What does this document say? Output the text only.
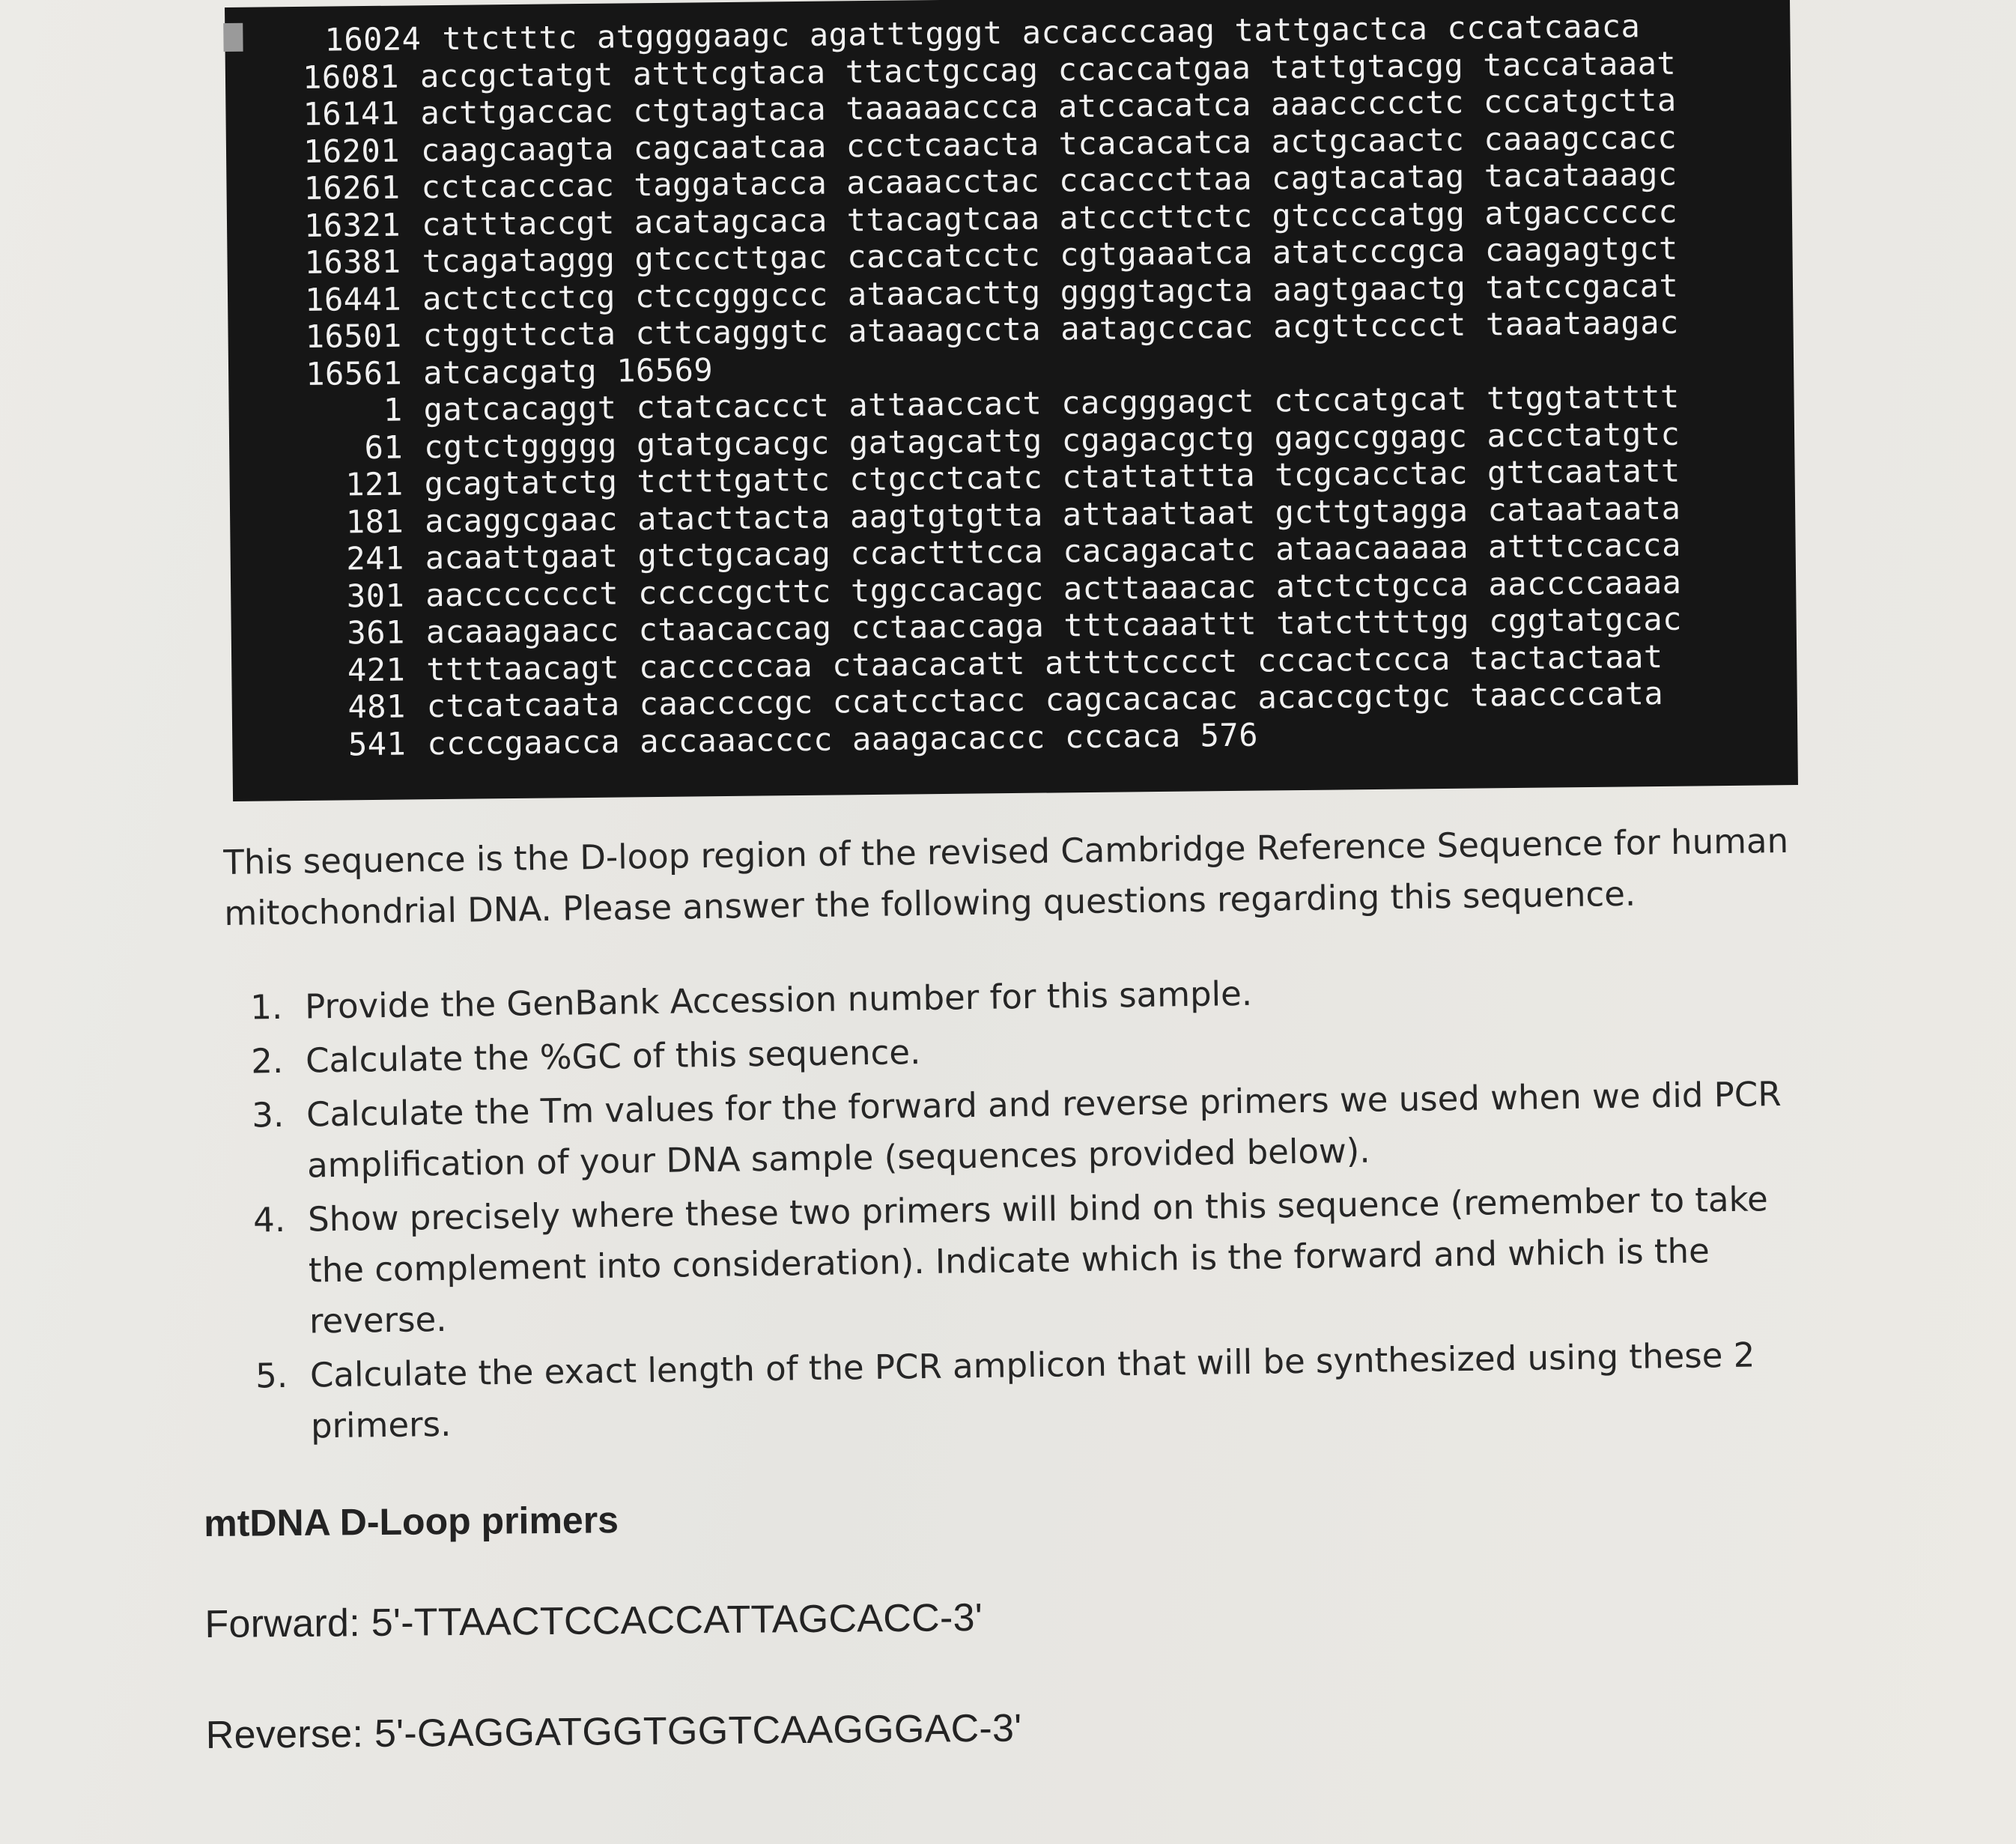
16024 ttctttc atggggaagc agatttgggt accacccaag tattgactca cccatcaaca
16081 accgctatgt atttcgtaca ttactgccag ccaccatgaa tattgtacgg taccataaat
16141 acttgaccac ctgtagtaca taaaaaccca atccacatca aaaccccctc cccatgctta
16201 caagcaagta cagcaatcaa ccctcaacta tcacacatca actgcaactc caaagccacc
16261 cctcacccac taggatacca acaaacctac ccacccttaa cagtacatag tacataaagc
16321 catttaccgt acatagcaca ttacagtcaa atcccttctc gtccccatgg atgacccccc
16381 tcagataggg gtcccttgac caccatcctc cgtgaaatca atatcccgca caagagtgct
16441 actctcctcg ctccgggccc ataacacttg ggggtagcta aagtgaactg tatccgacat
16501 ctggttccta cttcagggtc ataaagccta aatagcccac acgttcccct taaataagac
16561 atcacgatg 16569
1 gatcacaggt ctatcaccct attaaccact cacgggagct ctccatgcat ttggtatttt
61 cgtctggggg gtatgcacgc gatagcattg cgagacgctg gagccggagc accctatgtc
121 gcagtatctg tctttgattc ctgcctcatc ctattattta tcgcacctac gttcaatatt
181 acaggcgaac atacttacta aagtgtgtta attaattaat gcttgtagga cataataata
241 acaattgaat gtctgcacag ccactttcca cacagacatc ataacaaaaa atttccacca
301 aaccccccct cccccgcttc tggccacagc acttaaacac atctctgcca aaccccaaaa
361 acaaagaacc ctaacaccag cctaaccaga tttcaaattt tatcttttgg cggtatgcac
421 ttttaacagt cacccccaa ctaacacatt attttcccct cccactccca tactactaat
481 ctcatcaata caaccccgc ccatcctacc cagcacacac acaccgctgc taaccccata
541 ccccgaacca accaaacccc aaagacaccc cccaca 576

This sequence is the D-loop region of the revised Cambridge Reference Sequence for human

mitochondrial DNA. Please answer the following questions regarding this sequence.

1. Provide the GenBank Accession number for this sample.
2. Calculate the %GC of this sequence.
3. Calculate the Tm values for the forward and reverse primers we used when we did PCR
amplification of your DNA sample (sequences provided below).
4. Show precisely where these two primers will bind on this sequence (remember to take
the complement into consideration). Indicate which is the forward and which is the
reverse.
5. Calculate the exact length of the PCR amplicon that will be synthesized using these 2
primers.
mtDNA D-Loop primers
Forward: 5'-TTAACTCCACCATTAGCACC-3'
Reverse: 5'-GAGGATGGTGGTCAAGGGAC-3'
